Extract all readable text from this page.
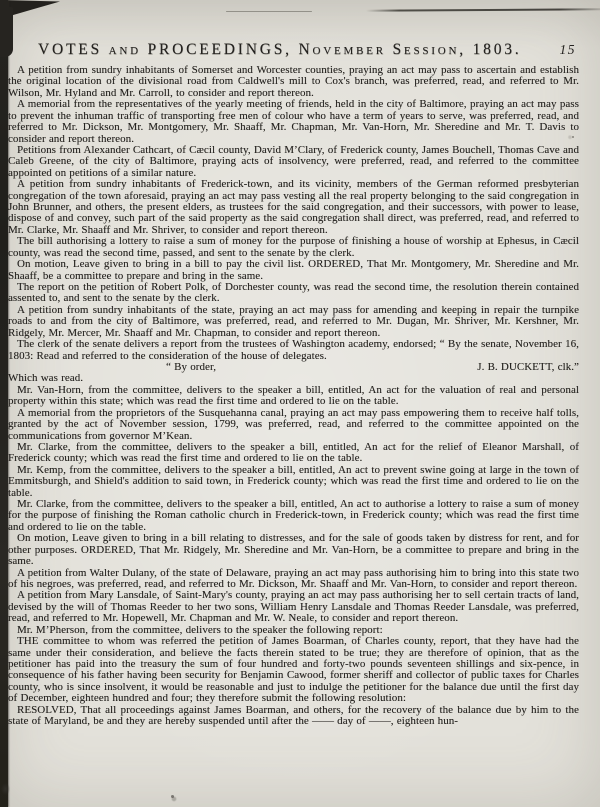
VOTES and PROCEEDINGS, November Session, 1803.	15

A petition from sundry inhabitants of Somerset and Worcester counties, praying an act may pass to ascertain and establish the original location of the divisional road from Caldwell's mill to Cox's branch, was preferred, read, and referred to Mr. Wilson, Mr. Hyland and Mr. Carroll, to consider and report thereon.

A memorial from the representatives of the yearly meeting of friends, held in the city of Baltimore, praying an act may pass to prevent the inhuman traffic of transporting free men of colour who have a term of years to serve, was preferred, read, and referred to Mr. Dickson, Mr. Montgomery, Mr. Shaaff, Mr. Chapman, Mr. Van-Horn, Mr. Sheredine and Mr. T. Davis to consider and report thereon.

Petitions from Alexander Cathcart, of Cæcil county, David M’Clary, of Frederick county, James Bouchell, Thomas Cave and Caleb Greene, of the city of Baltimore, praying acts of insolvency, were preferred, read, and referred to the committee appointed on petitions of a similar nature.

A petition from sundry inhabitants of Frederick-town, and its vicinity, members of the German reformed presbyterian congregation of the town aforesaid, praying an act may pass vesting all the real property belonging to the said congregation in John Brunner, and others, the present elders, as trustees for the said congregation, and their successors, with power to lease, dispose of and convey, such part of the said property as the said congregation shall direct, was preferred, read, and referred to Mr. Clarke, Mr. Shaaff and Mr. Shriver, to consider and report thereon.

The bill authorising a lottery to raise a sum of money for the purpose of finishing a house of worship at Ephesus, in Cæcil county, was read the second time, passed, and sent to the senate by the clerk.

On motion, Leave given to bring in a bill to pay the civil list. ORDERED, That Mr. Montgomery, Mr. Sheredine and Mr. Shaaff, be a committee to prepare and bring in the same.

The report on the petition of Robert Polk, of Dorchester county, was read the second time, the resolution therein contained assented to, and sent to the senate by the clerk.

A petition from sundry inhabitants of the state, praying an act may pass for amending and keeping in repair the turnpike roads to and from the city of Baltimore, was preferred, read, and referred to Mr. Dugan, Mr. Shriver, Mr. Kershner, Mr. Ridgely, Mr. Mercer, Mr. Shaaff and Mr. Chapman, to consider and report thereon.

The clerk of the senate delivers a report from the trustees of Washington academy, endorsed; “ By the senate, November 16, 1803: Read and referred to the consideration of the house of delegates.

“ By order,	J. B. DUCKETT, clk.”

Which was read.

Mr. Van-Horn, from the committee, delivers to the speaker a bill, entitled, An act for the valuation of real and personal property within this state; which was read the first time and ordered to lie on the table.

A memorial from the proprietors of the Susquehanna canal, praying an act may pass empowering them to receive half tolls, granted by the act of November session, 1799, was preferred, read, and referred to the committee appointed on the communications from governor M’Kean.

Mr. Clarke, from the committee, delivers to the speaker a bill, entitled, An act for the relief of Eleanor Marshall, of Frederick county; which was read the first time and ordered to lie on the table.

Mr. Kemp, from the committee, delivers to the speaker a bill, entitled, An act to prevent swine going at large in the town of Emmitsburgh, and Shield's addition to said town, in Frederick county; which was read the first time and ordered to lie on the table.

Mr. Clarke, from the committee, delivers to the speaker a bill, entitled, An act to authorise a lottery to raise a sum of money for the purpose of finishing the Roman catholic church in Frederick-town, in Frederick county; which was read the first time and ordered to lie on the table.

On motion, Leave given to bring in a bill relating to distresses, and for the sale of goods taken by distress for rent, and for other purposes. ORDERED, That Mr. Ridgely, Mr. Sheredine and Mr. Van-Horn, be a committee to prepare and bring in the same.

A petition from Walter Dulany, of the state of Delaware, praying an act may pass authorising him to bring into this state two of his negroes, was preferred, read, and referred to Mr. Dickson, Mr. Shaaff and Mr. Van-Horn, to consider and report thereon.

A petition from Mary Lansdale, of Saint-Mary's county, praying an act may pass authorising her to sell certain tracts of land, devised by the will of Thomas Reeder to her two sons, William Henry Lansdale and Thomas Reeder Lansdale, was preferred, read, and referred to Mr. Hopewell, Mr. Chapman and Mr. W. Neale, to consider and report thereon.

Mr. M’Pherson, from the committee, delivers to the speaker the following report:

THE committee to whom was referred the petition of James Boarman, of Charles county, report, that they have had the same under their consideration, and believe the facts therein stated to be true; they are therefore of opinion, that as the petitioner has paid into the treasury the sum of four hundred and forty-two pounds seventeen shillings and six-pence, in consequence of his father having been security for Benjamin Cawood, former sheriff and collector of public taxes for Charles county, who is since insolvent, it would be reasonable and just to indulge the petitioner for the balance due until the first day of December, eighteen hundred and four; they therefore submit the following resolution:

RESOLVED, That all proceedings against James Boarman, and others, for the recovery of the balance due by him to the state of Maryland, be and they are hereby suspended until after the —— day of ——, eighteen hun-
